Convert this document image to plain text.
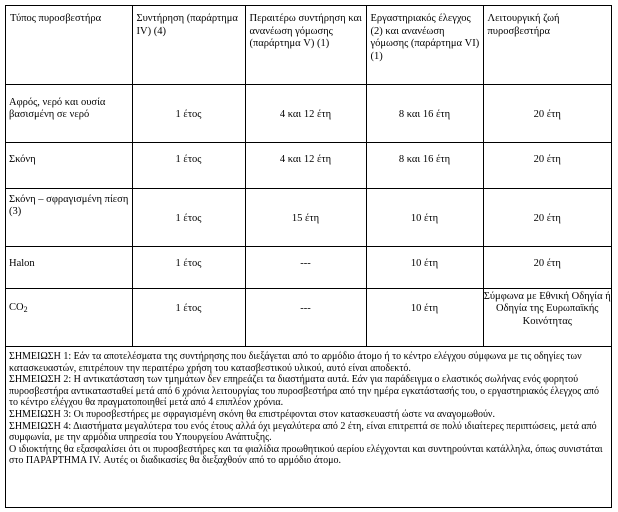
Τύπος πυροσβεστήρα	Συντήρηση (παράρτημα IV) (4)	Περαιτέρω συντήρηση και ανανέωση γόμωσης (παράρτημα V) (1)	Εργαστηριακός έλεγχος (2) και ανανέωση γόμωσης (παράρτημα VI) (1)	Λειτουργική ζωή πυροσβεστήρα
Αφρός, νερό και ουσία βασισμένη σε νερό	1 έτος	4 και 12 έτη	8 και 16 έτη	20 έτη
Σκόνη	1 έτος	4 και 12 έτη	8 και 16 έτη	20 έτη
Σκόνη – σφραγισμένη πίεση (3)	1 έτος	15 έτη	10 έτη	20 έτη
Halon	1 έτος	---	10 έτη	20 έτη
CO2	1 έτος	---	10 έτη	Σύμφωνα με Εθνική Οδηγία ή Οδηγία της Ευρωπαϊκής Κοινότητας

ΣΗΜΕΙΩΣΗ 1: Εάν τα αποτελέσματα της συντήρησης που διεξάγεται από το αρμόδιο άτομο ή το κέντρο ελέγχου σύμφωνα με τις οδηγίες των κατασκευαστών, επιτρέπουν την περαιτέρω χρήση του κατασβεστικού υλικού, αυτό είναι αποδεκτό.

ΣΗΜΕΙΩΣΗ 2: Η αντικατάσταση των τμημάτων δεν επηρεάζει τα διαστήματα αυτά. Εάν για παράδειγμα ο ελαστικός σωλήνας ενός φορητού πυροσβεστήρα αντικατασταθεί μετά από 6 χρόνια λειτουργίας του πυροσβεστήρα από την ημέρα εγκατάστασής του, ο εργαστηριακός έλεγχος από το κέντρο ελέγχου θα πραγματοποιηθεί μετά από 4 επιπλέον χρόνια.

ΣΗΜΕΙΩΣΗ 3: Οι πυροσβεστήρες με σφραγισμένη σκόνη θα επιστρέφονται στον κατασκευαστή ώστε να αναγομωθούν.

ΣΗΜΕΙΩΣΗ 4: Διαστήματα μεγαλύτερα του ενός έτους αλλά όχι μεγαλύτερα από 2 έτη, είναι επιτρεπτά σε πολύ ιδιαίτερες περιπτώσεις, μετά από συμφωνία, με την αρμόδια υπηρεσία του Υπουργείου Ανάπτυξης.

Ο ιδιοκτήτης θα εξασφαλίσει ότι οι πυροσβεστήρες και τα φιαλίδια προωθητικού αερίου ελέγχονται και συντηρούνται κατάλληλα, όπως συνιστάται στο ΠΑΡΑΡΤΗΜΑ IV. Αυτές οι διαδικασίες θα διεξαχθούν από το αρμόδιο άτομο.
